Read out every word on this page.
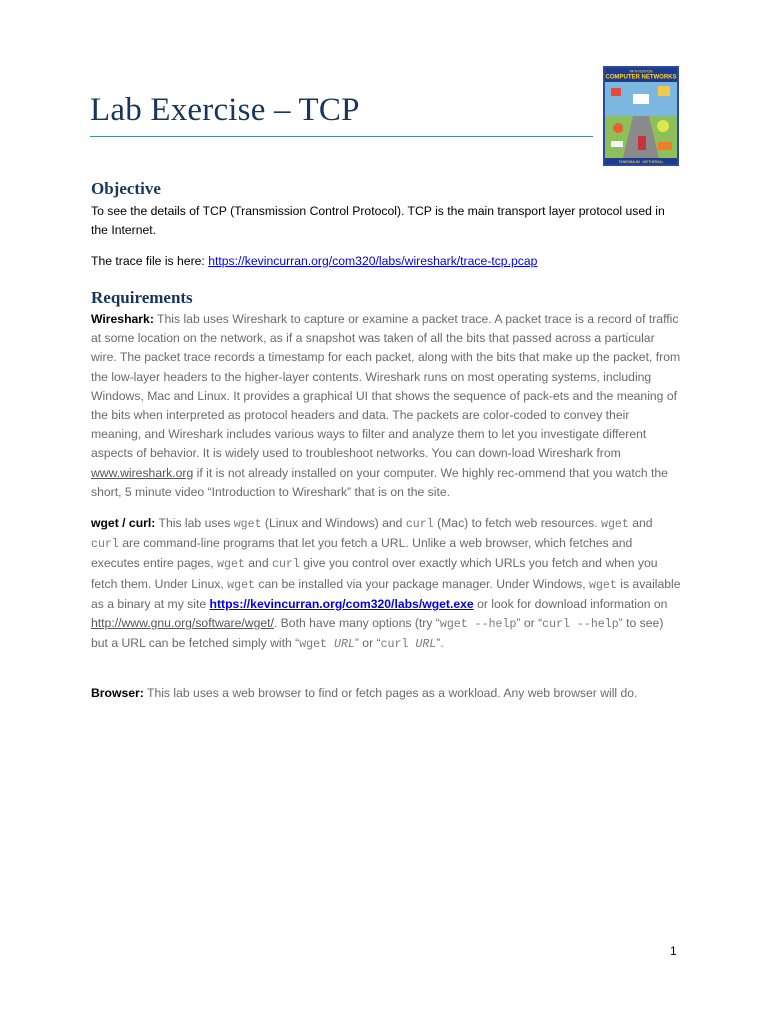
Lab Exercise – TCP
FIFTH EDITION
COMPUTER NETWORKS
TANENBAUM · WETHERALL
Objective
To see the details of TCP (Transmission Control Protocol). TCP is the main transport layer protocol used in the Internet.
The trace file is here: https://kevincurran.org/com320/labs/wireshark/trace-tcp.pcap
Requirements
Wireshark: This lab uses Wireshark to capture or examine a packet trace. A packet trace is a record of traffic at some location on the network, as if a snapshot was taken of all the bits that passed across a particular wire. The packet trace records a timestamp for each packet, along with the bits that make up the packet, from the low-layer headers to the higher-layer contents. Wireshark runs on most operating systems, including Windows, Mac and Linux. It provides a graphical UI that shows the sequence of pack-ets and the meaning of the bits when interpreted as protocol headers and data. The packets are color-coded to convey their meaning, and Wireshark includes various ways to filter and analyze them to let you investigate different aspects of behavior. It is widely used to troubleshoot networks. You can down-load Wireshark from www.wireshark.org if it is not already installed on your computer. We highly rec-ommend that you watch the short, 5 minute video “Introduction to Wireshark” that is on the site.
wget / curl: This lab uses wget (Linux and Windows) and curl (Mac) to fetch web resources. wget and curl are command-line programs that let you fetch a URL. Unlike a web browser, which fetches and executes entire pages, wget and curl give you control over exactly which URLs you fetch and when you fetch them. Under Linux, wget can be installed via your package manager. Under Windows, wget is available as a binary at my site https://kevincurran.org/com320/labs/wget.exe or look for download information on http://www.gnu.org/software/wget/. Both have many options (try “wget --help” or “curl --help” to see) but a URL can be fetched simply with “wget URL” or “curl URL”.
Browser: This lab uses a web browser to find or fetch pages as a workload. Any web browser will do.
1
